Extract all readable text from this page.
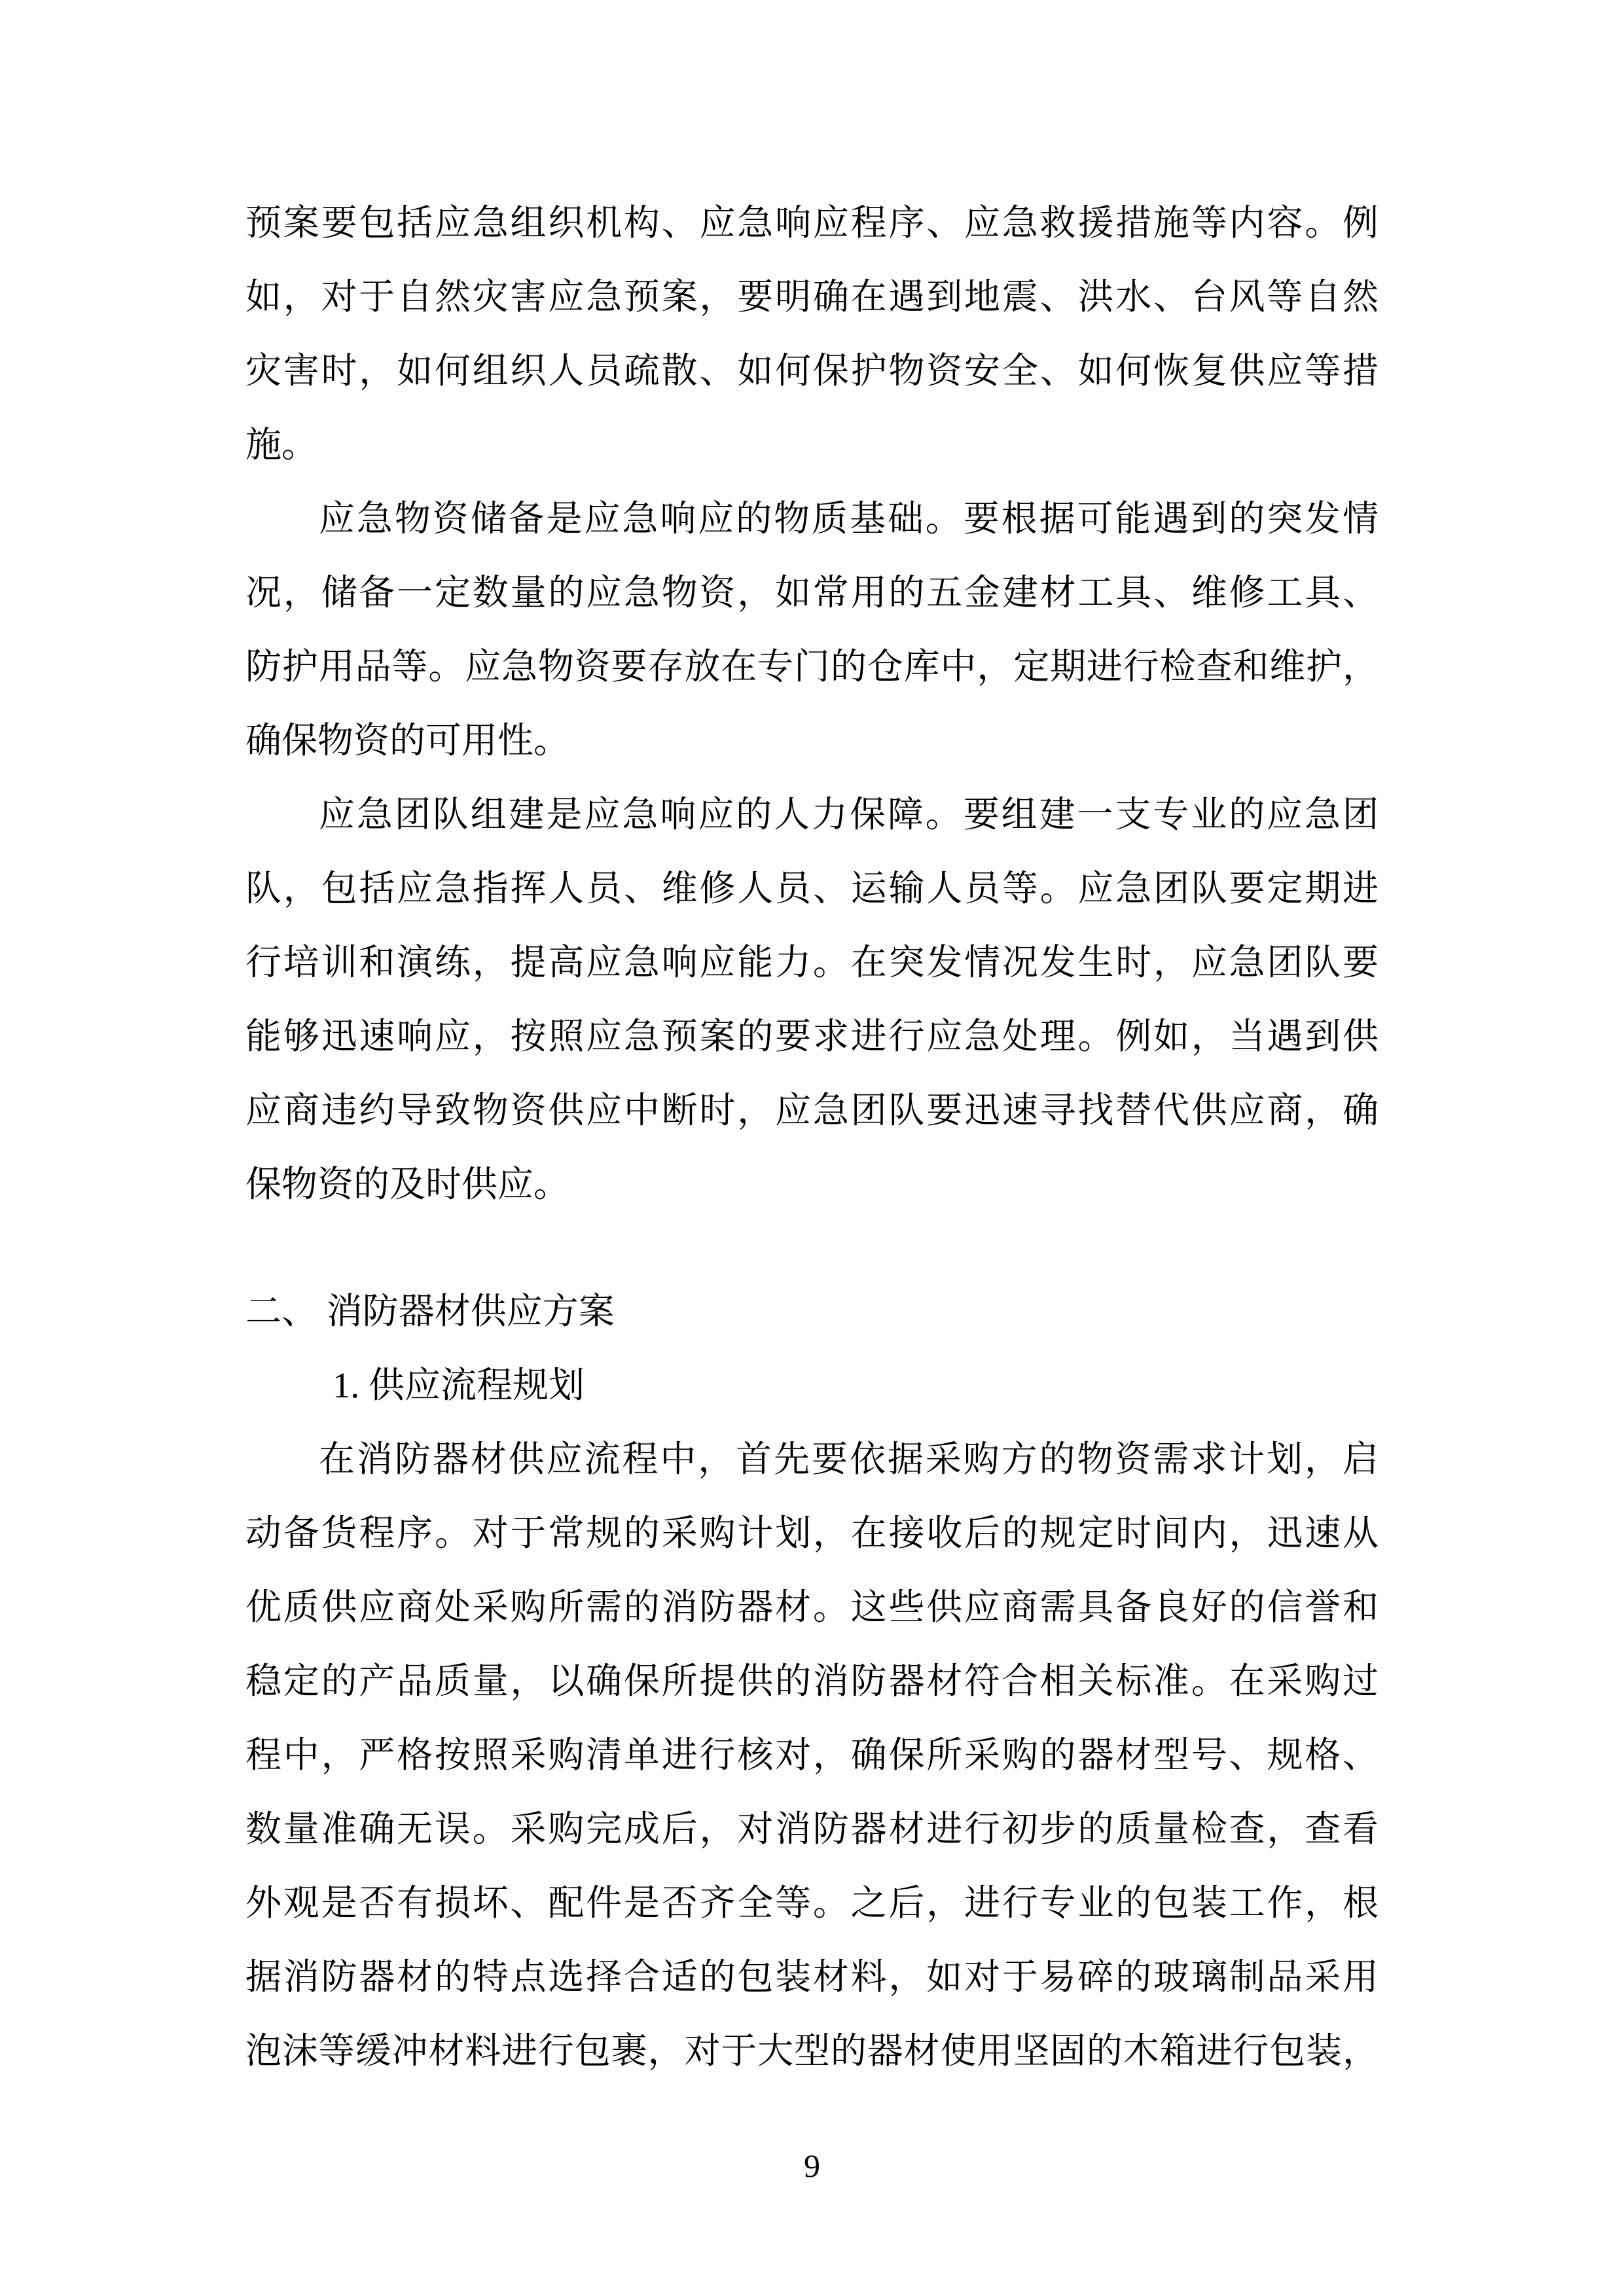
预案要包括应急组织机构、应急响应程序、应急救援措施等内容。例
如，对于自然灾害应急预案，要明确在遇到地震、洪水、台风等自然
灾害时，如何组织人员疏散、如何保护物资安全、如何恢复供应等措
施。
应急物资储备是应急响应的物质基础。要根据可能遇到的突发情
况，储备一定数量的应急物资，如常用的五金建材工具、维修工具、
防护用品等。应急物资要存放在专门的仓库中，定期进行检查和维护，
确保物资的可用性。
应急团队组建是应急响应的人力保障。要组建一支专业的应急团
队，包括应急指挥人员、维修人员、运输人员等。应急团队要定期进
行培训和演练，提高应急响应能力。在突发情况发生时，应急团队要
能够迅速响应，按照应急预案的要求进行应急处理。例如，当遇到供
应商违约导致物资供应中断时，应急团队要迅速寻找替代供应商，确
保物资的及时供应。
二、 消防器材供应方案
1. 供应流程规划
在消防器材供应流程中，首先要依据采购方的物资需求计划，启
动备货程序。对于常规的采购计划，在接收后的规定时间内，迅速从
优质供应商处采购所需的消防器材。这些供应商需具备良好的信誉和
稳定的产品质量，以确保所提供的消防器材符合相关标准。在采购过
程中，严格按照采购清单进行核对，确保所采购的器材型号、规格、
数量准确无误。采购完成后，对消防器材进行初步的质量检查，查看
外观是否有损坏、配件是否齐全等。之后，进行专业的包装工作，根
据消防器材的特点选择合适的包装材料，如对于易碎的玻璃制品采用
泡沫等缓冲材料进行包裹，对于大型的器材使用坚固的木箱进行包装，
9
